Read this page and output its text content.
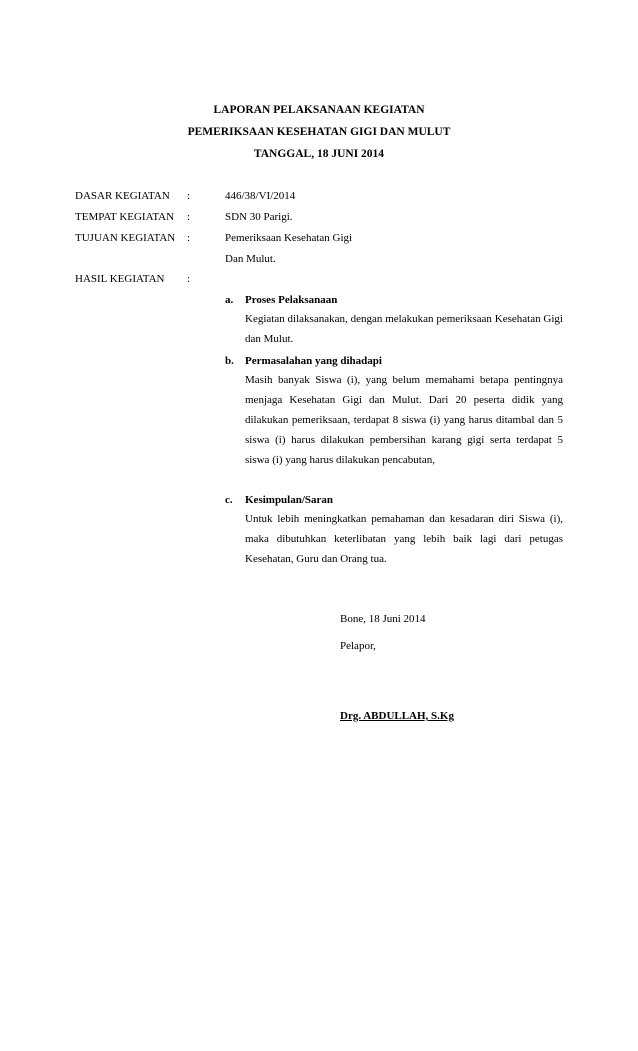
LAPORAN PELAKSANAAN KEGIATAN
PEMERIKSAAN KESEHATAN GIGI DAN MULUT
TANGGAL, 18 JUNI 2014
DASAR KEGIATAN :	446/38/VI/2014
TEMPAT KEGIATAN :	SDN 30 Parigi.
TUJUAN KEGIATAN :	Pemeriksaan Kesehatan Gigi
Dan Mulut.
HASIL KEGIATAN :
a. Proses Pelaksanaan
Kegiatan dilaksanakan, dengan melakukan pemeriksaan Kesehatan Gigi dan Mulut.
b. Permasalahan yang dihadapi
Masih banyak Siswa (i), yang belum memahami betapa pentingnya menjaga Kesehatan Gigi dan Mulut. Dari 20 peserta didik yang dilakukan pemeriksaan, terdapat 8 siswa (i) yang harus ditambal dan 5 siswa (i) harus dilakukan pembersihan karang gigi serta terdapat 5 siswa (i) yang harus dilakukan pencabutan,
c. Kesimpulan/Saran
Untuk lebih meningkatkan pemahaman dan kesadaran diri Siswa (i), maka dibutuhkan keterlibatan yang lebih baik lagi dari petugas Kesehatan, Guru dan Orang tua.
Bone, 18 Juni 2014
Pelapor,
Drg. ABDULLAH, S.Kg
